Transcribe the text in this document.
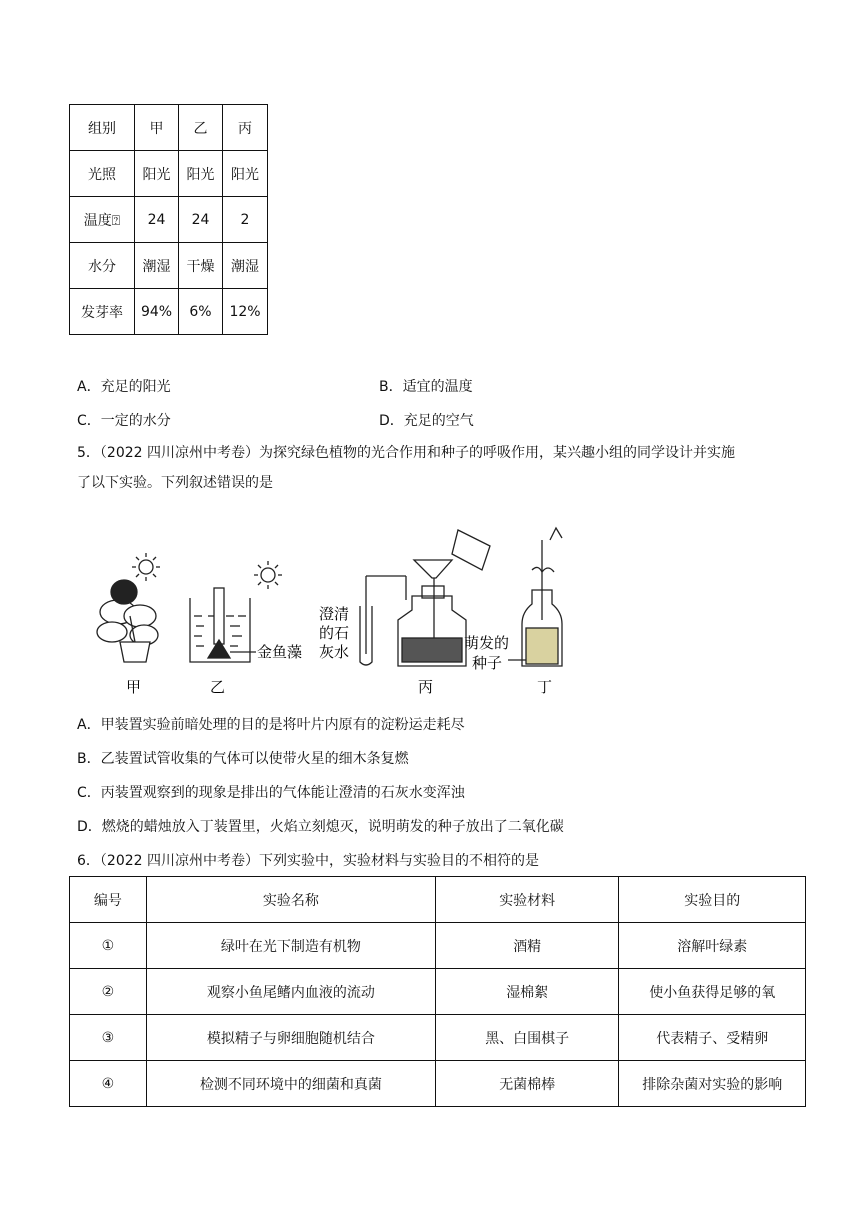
组别	甲	乙	丙
光照	阳光	阳光	阳光
温度⍰	24	24	2
水分	潮湿	干燥	潮湿
发芽率	94%	6%	12%
A．充足的阳光	B．适宜的温度
C．一定的水分	D．充足的空气
5．（2022 四川凉州中考卷）为探究绿色植物的光合作用和种子的呼吸作用，某兴趣小组的同学设计并实施
了以下实验。下列叙述错误的是
金鱼藻
澄清
的石
灰水	萌发的
种子
甲	乙	丙	丁
A．甲装置实验前暗处理的目的是将叶片内原有的淀粉运走耗尽
B．乙装置试管收集的气体可以使带火星的细木条复燃
C．丙装置观察到的现象是排出的气体能让澄清的石灰水变浑浊
D．燃烧的蜡烛放入丁装置里，火焰立刻熄灭，说明萌发的种子放出了二氧化碳
6．（2022 四川凉州中考卷）下列实验中，实验材料与实验目的不相符的是
编号	实验名称	实验材料	实验目的
①	绿叶在光下制造有机物	酒精	溶解叶绿素
②	观察小鱼尾鳍内血液的流动	湿棉絮	使小鱼获得足够的氧
③	模拟精子与卵细胞随机结合	黑、白围棋子	代表精子、受精卵
④	检测不同环境中的细菌和真菌	无菌棉棒	排除杂菌对实验的影响
